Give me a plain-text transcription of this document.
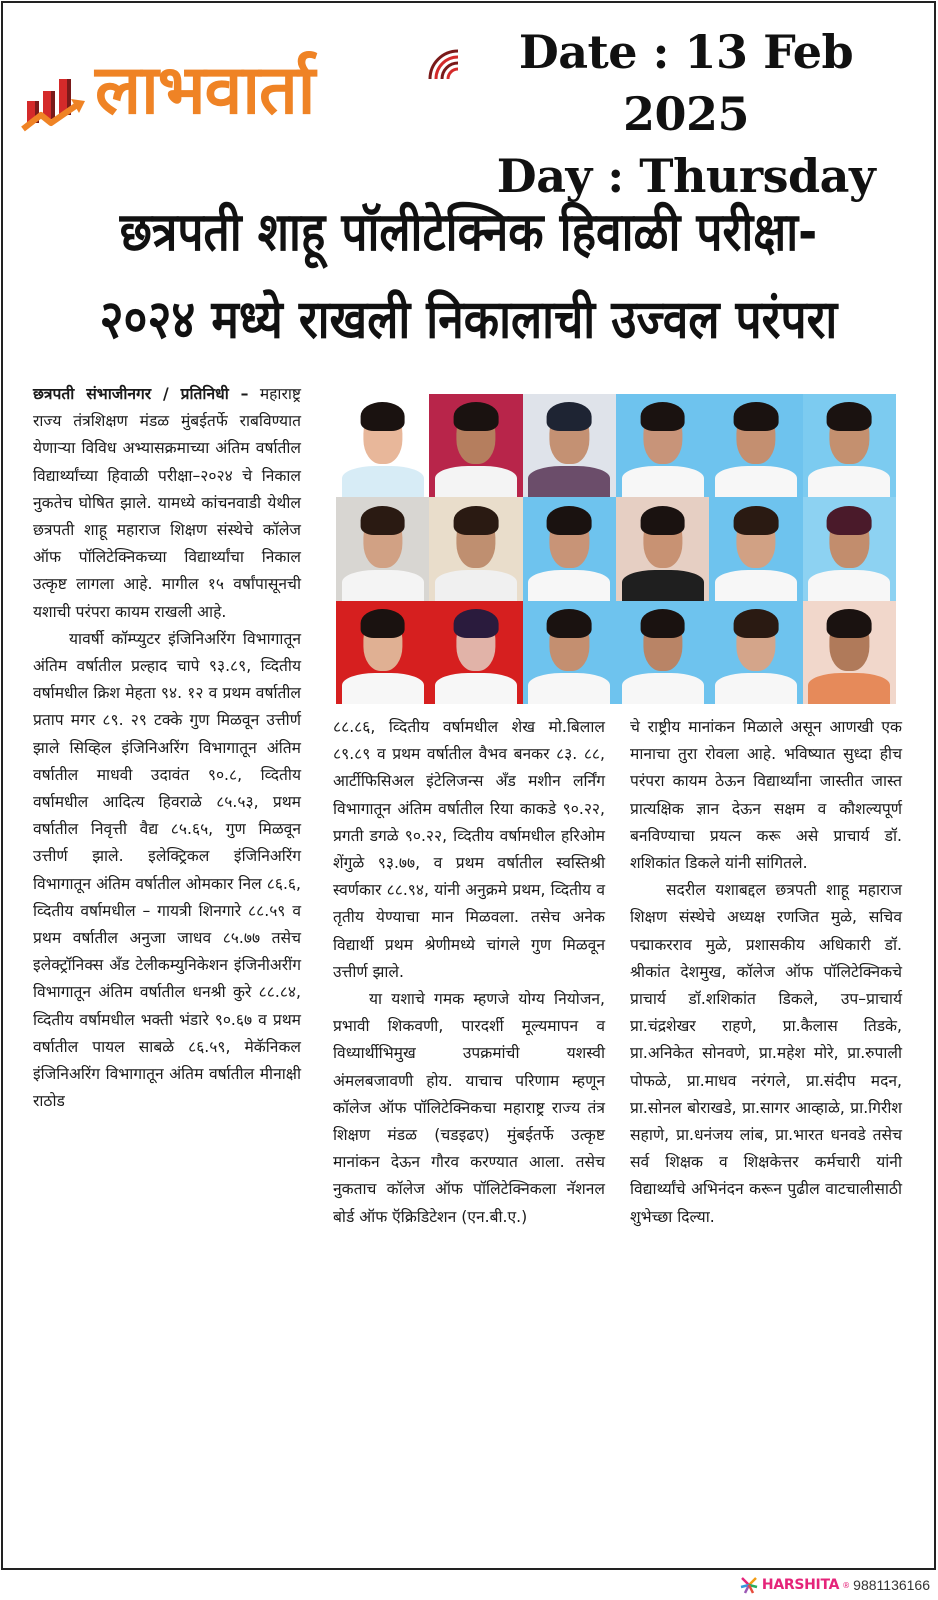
लाभवार्ता	Date : 13 Feb 2025
Day : Thursday
छत्रपती शाहू पॉलीटेक्निक हिवाळी परीक्षा-
२०२४ मध्ये राखली निकालाची उज्वल परंपरा

छत्रपती संभाजीनगर / प्रतिनिधी – महाराष्ट्र राज्य तंत्रशिक्षण मंडळ मुंबईतर्फे राबविण्यात येणाऱ्या विविध अभ्यासक्रमाच्या अंतिम वर्षातील विद्यार्थ्यांच्या हिवाळी परीक्षा–२०२४ चे निकाल नुकतेच घोषित झाले. यामध्ये कांचनवाडी येथील छत्रपती शाहू महाराज शिक्षण संस्थेचे कॉलेज ऑफ पॉलिटेक्निकच्या विद्यार्थ्यांचा निकाल उत्कृष्ट लागला आहे. मागील १५ वर्षांपासूनची यशाची परंपरा कायम राखली आहे.

यावर्षी कॉम्प्युटर इंजिनिअरिंग विभागातून अंतिम वर्षातील प्रल्हाद चापे ९३.८९, व्दितीय वर्षामधील क्रिश मेहता ९४. १२ व प्रथम वर्षातील प्रताप मगर ८९. २९ टक्के गुण मिळवून उत्तीर्ण झाले सिव्हिल इंजिनिअरिंग विभागातून अंतिम वर्षातील माधवी उदावंत ९०.८, व्दितीय वर्षामधील आदित्य हिवराळे ८५.५३, प्रथम वर्षातील निवृत्ती वैद्य ८५.६५, गुण मिळवून उत्तीर्ण झाले. इलेक्ट्रिकल इंजिनिअरिंग विभागातून अंतिम वर्षातील ओमकार निल ८६.६, व्दितीय वर्षामधील – गायत्री शिनगारे ८८.५९ व प्रथम वर्षातील अनुजा जाधव ८५.७७ तसेच इलेक्ट्रॉनिक्स अँड टेलीकम्युनिकेशन इंजिनीअरींग विभागातून अंतिम वर्षातील धनश्री कुरे ८८.८४, व्दितीय वर्षामधील भक्ती भंडारे ९०.६७ व प्रथम वर्षातील पायल साबळे ८६.५९, मेकॅनिकल इंजिनिअरिंग विभागातून अंतिम वर्षातील मीनाक्षी राठोड

८८.८६, व्दितीय वर्षामधील शेख मो.बिलाल ८९.८९ व प्रथम वर्षातील वैभव बनकर ८३. ८८, आर्टीफिसिअल इंटेलिजन्स अँड मशीन लर्निंग विभागातून अंतिम वर्षातील रिया काकडे ९०.२२, प्रगती डगळे ९०.२२, व्दितीय वर्षामधील हरिओम शेंगुळे ९३.७७, व प्रथम वर्षातील स्वस्तिश्री स्वर्णकार ८८.९४, यांनी अनुक्रमे प्रथम, व्दितीय व तृतीय येण्याचा मान मिळवला. तसेच अनेक विद्यार्थी प्रथम श्रेणीमध्ये चांगले गुण मिळवून उत्तीर्ण झाले.

या यशाचे गमक म्हणजे योग्य नियोजन, प्रभावी शिकवणी, पारदर्शी मूल्यमापन व विध्यार्थीभिमुख उपक्रमांची यशस्वी अंमलबजावणी होय. याचाच परिणाम म्हणून कॉलेज ऑफ पॉलिटेक्निकचा महाराष्ट्र राज्य तंत्र शिक्षण मंडळ (चडइढए) मुंबईतर्फे उत्कृष्ट मानांकन देऊन गौरव करण्यात आला. तसेच नुकताच कॉलेज ऑफ पॉलिटेक्निकला नॅशनल बोर्ड ऑफ ऍक्रिडिटेशन (एन.बी.ए.)

चे राष्ट्रीय मानांकन मिळाले असून आणखी एक मानाचा तुरा रोवला आहे. भविष्यात सुध्दा हीच परंपरा कायम ठेऊन विद्यार्थ्यांना जास्तीत जास्त प्रात्यक्षिक ज्ञान देऊन सक्षम व कौशल्यपूर्ण बनविण्याचा प्रयत्न करू असे प्राचार्य डॉ. शशिकांत डिकले यांनी सांगितले.

सदरील यशाबद्दल छत्रपती शाहू महाराज शिक्षण संस्थेचे अध्यक्ष रणजित मुळे, सचिव पद्माकरराव मुळे, प्रशासकीय अधिकारी डॉ. श्रीकांत देशमुख, कॉलेज ऑफ पॉलिटेक्निकचे प्राचार्य डॉ.शशिकांत डिकले, उप–प्राचार्य प्रा.चंद्रशेखर राहणे, प्रा.कैलास तिडके, प्रा.अनिकेत सोनवणे, प्रा.महेश मोरे, प्रा.रुपाली पोफळे, प्रा.माधव नरंगले, प्रा.संदीप मदन, प्रा.सोनल बोराखडे, प्रा.सागर आव्हाळे, प्रा.गिरीश सहाणे, प्रा.धनंजय लांब, प्रा.भारत धनवडे तसेच सर्व शिक्षक व शिक्षकेत्तर कर्मचारी यांनी विद्यार्थ्यांचे अभिनंदन करून पुढील वाटचालीसाठी शुभेच्छा दिल्या.

HARSHITA ® 9881136166
